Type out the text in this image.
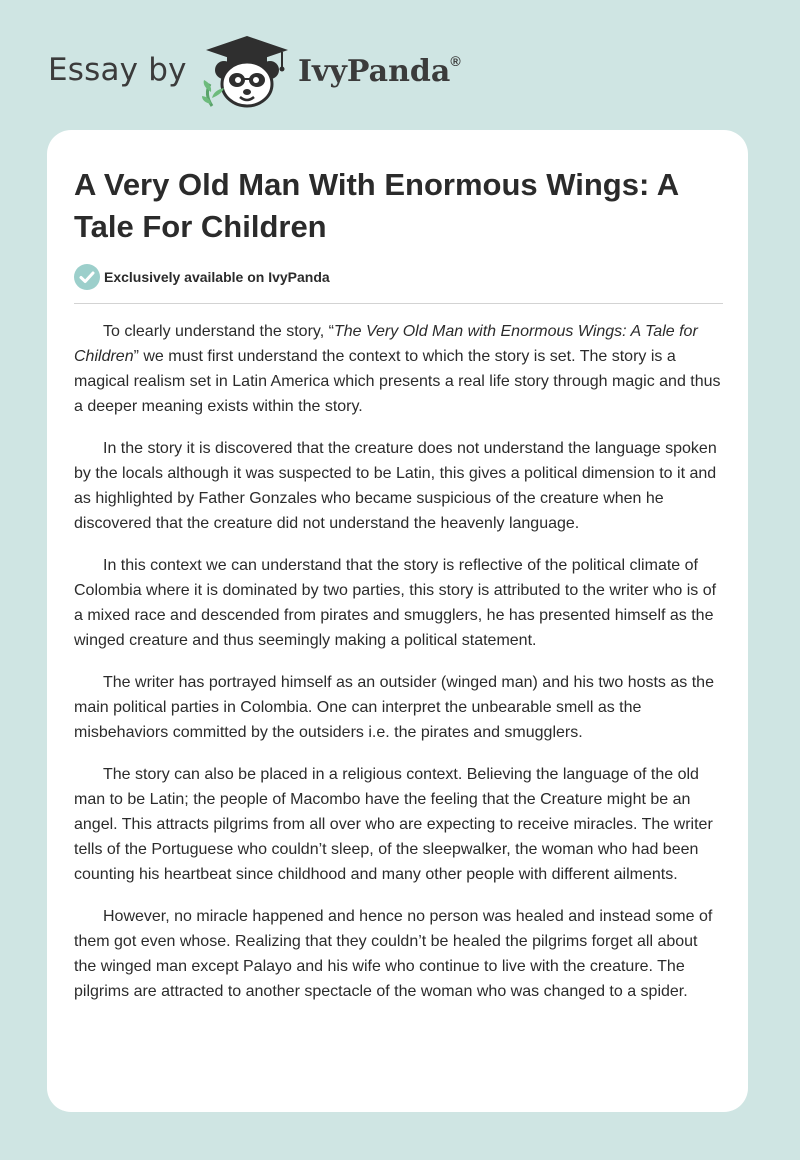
Essay by	IvyPanda®
A Very Old Man With Enormous Wings: A Tale For Children
Exclusively available on IvyPanda

To clearly understand the story, “The Very Old Man with Enormous Wings: A Tale for Children” we must first understand the context to which the story is set. The story is a magical realism set in Latin America which presents a real life story through magic and thus a deeper meaning exists within the story.

In the story it is discovered that the creature does not understand the language spoken by the locals although it was suspected to be Latin, this gives a political dimension to it and as highlighted by Father Gonzales who became suspicious of the creature when he discovered that the creature did not understand the heavenly language.

In this context we can understand that the story is reflective of the political climate of Colombia where it is dominated by two parties, this story is attributed to the writer who is of a mixed race and descended from pirates and smugglers, he has presented himself as the winged creature and thus seemingly making a political statement.

The writer has portrayed himself as an outsider (winged man) and his two hosts as the main political parties in Colombia. One can interpret the unbearable smell as the misbehaviors committed by the outsiders i.e. the pirates and smugglers.

The story can also be placed in a religious context. Believing the language of the old man to be Latin; the people of Macombo have the feeling that the Creature might be an angel. This attracts pilgrims from all over who are expecting to receive miracles. The writer tells of the Portuguese who couldn’t sleep, of the sleepwalker, the woman who had been counting his heartbeat since childhood and many other people with different ailments.

However, no miracle happened and hence no person was healed and instead some of them got even whose. Realizing that they couldn’t be healed the pilgrims forget all about the winged man except Palayo and his wife who continue to live with the creature. The pilgrims are attracted to another spectacle of the woman who was changed to a spider.
